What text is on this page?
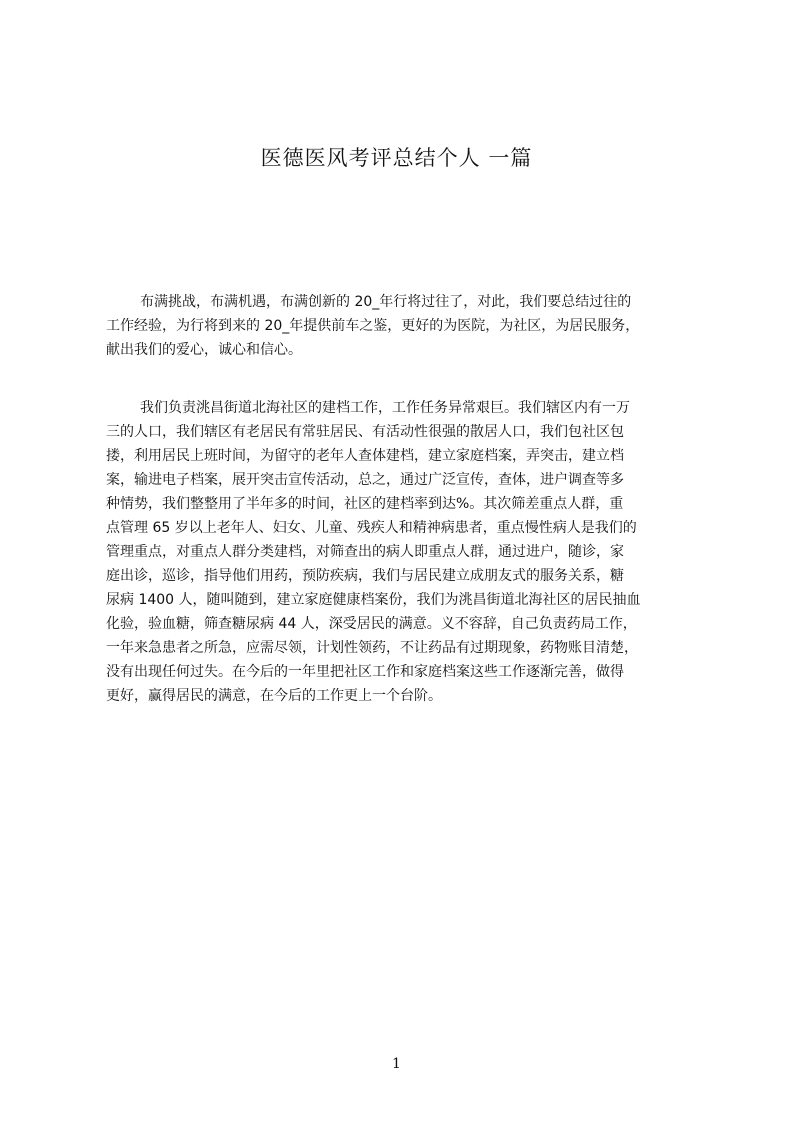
医德医风考评总结个人 一篇
布满挑战，布满机遇，布满创新的 20_年行将过往了，对此，我们要总结过往的
工作经验，为行将到来的 20_年提供前车之鉴，更好的为医院，为社区，为居民服务，
献出我们的爱心，诚心和信心。
我们负责洮昌街道北海社区的建档工作，工作任务异常艰巨。我们辖区内有一万
三的人口，我们辖区有老居民有常驻居民、有活动性很强的散居人口，我们包社区包
搂，利用居民上班时间，为留守的老年人查体建档，建立家庭档案，弄突击，建立档
案，输进电子档案，展开突击宣传活动，总之，通过广泛宣传，查体，进户调查等多
种情势，我们整整用了半年多的时间，社区的建档率到达%。其次筛差重点人群，重
点管理 65 岁以上老年人、妇女、儿童、残疾人和精神病患者，重点慢性病人是我们的
管理重点，对重点人群分类建档，对筛查出的病人即重点人群，通过进户，随诊，家
庭出诊，巡诊，指导他们用药，预防疾病，我们与居民建立成朋友式的服务关系，糖
尿病 1400 人，随叫随到，建立家庭健康档案份，我们为洮昌街道北海社区的居民抽血
化验，验血糖，筛查糖尿病 44 人，深受居民的满意。义不容辞，自己负责药局工作，
一年来急患者之所急，应需尽领，计划性领药，不让药品有过期现象，药物账目清楚，
没有出现任何过失。在今后的一年里把社区工作和家庭档案这些工作逐渐完善，做得
更好，赢得居民的满意，在今后的工作更上一个台阶。
1
